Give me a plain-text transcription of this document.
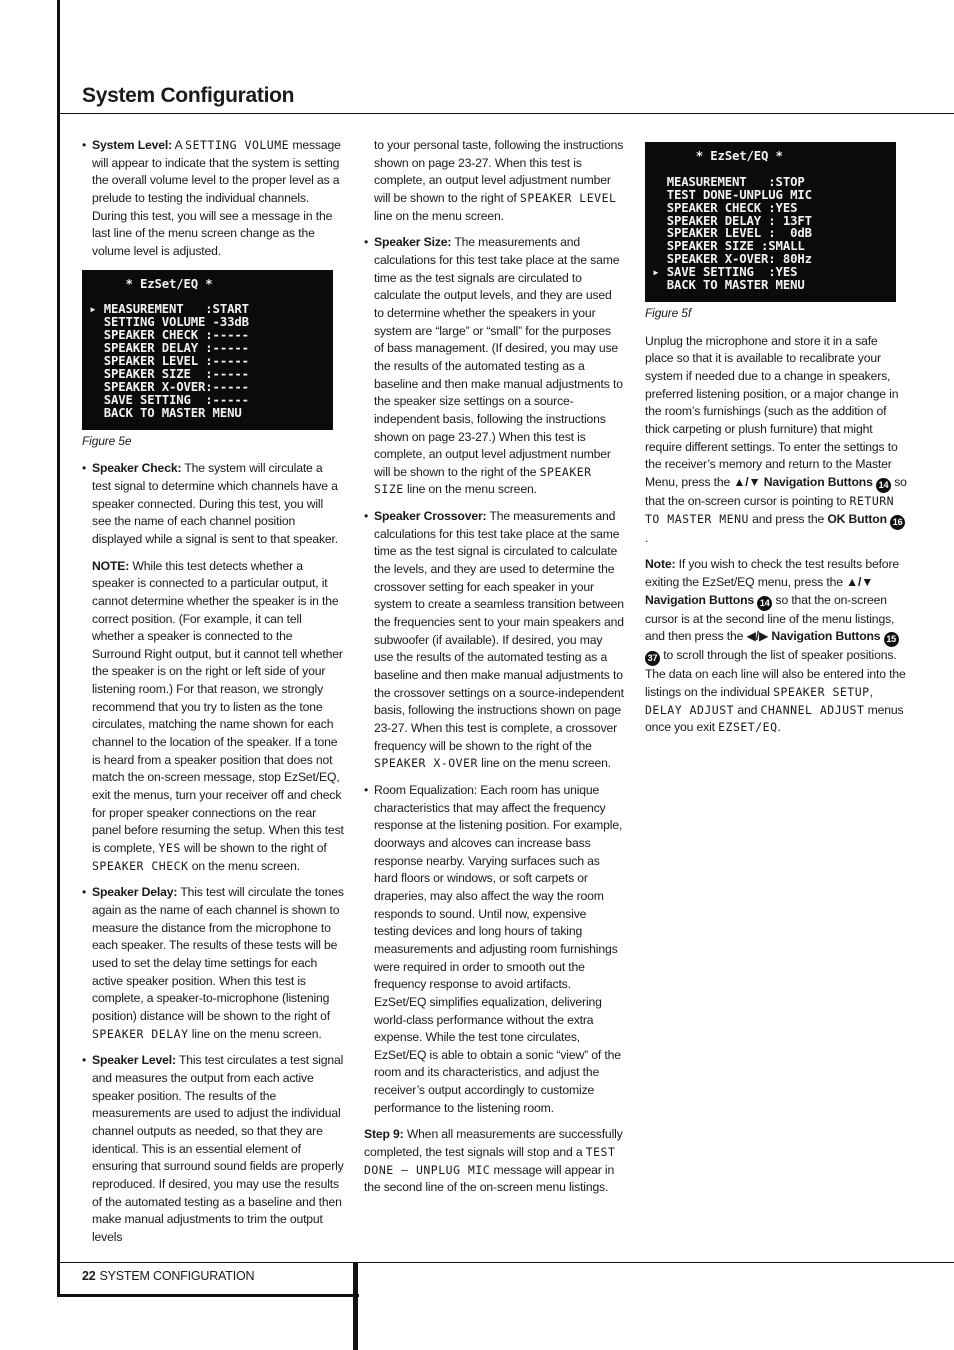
System Configuration

• System Level: A SETTING VOLUME message will appear to indicate that the system is setting the overall volume level to the proper level as a prelude to testing the individual channels. During this test, you will see a message in the last line of the menu screen change as the volume level is adjusted.

* EzSet/EQ *

▸ MEASUREMENT   :START
SETTING VOLUME -33dB
SPEAKER CHECK :-----
SPEAKER DELAY :-----
SPEAKER LEVEL :-----
SPEAKER SIZE  :-----
SPEAKER X-OVER:-----
SAVE SETTING  :-----
BACK TO MASTER MENU
Figure 5e

• Speaker Check: The system will circulate a test signal to determine which channels have a speaker connected. During this test, you will see the name of each channel position displayed while a signal is sent to that speaker.

NOTE: While this test detects whether a speaker is connected to a particular output, it cannot determine whether the speaker is in the correct position. (For example, it can tell whether a speaker is connected to the Surround Right output, but it cannot tell whether the speaker is on the right or left side of your listening room.) For that reason, we strongly recommend that you try to listen as the tone circulates, matching the name shown for each channel to the location of the speaker. If a tone is heard from a speaker position that does not match the on-screen message, stop EzSet/EQ, exit the menus, turn your receiver off and check for proper speaker connections on the rear panel before resuming the setup. When this test is complete, YES will be shown to the right of SPEAKER CHECK on the menu screen.

• Speaker Delay: This test will circulate the tones again as the name of each channel is shown to measure the distance from the microphone to each speaker. The results of these tests will be used to set the delay time settings for each active speaker position. When this test is complete, a speaker-to-microphone (listening position) distance will be shown to the right of SPEAKER DELAY line on the menu screen.

• Speaker Level: This test circulates a test signal and measures the output from each active speaker position. The results of the measurements are used to adjust the individual channel outputs as needed, so that they are identical. This is an essential element of ensuring that surround sound fields are properly reproduced. If desired, you may use the results of the automated testing as a baseline and then make manual adjustments to trim the output levels

to your personal taste, following the instructions shown on page 23-27. When this test is complete, an output level adjustment number will be shown to the right of SPEAKER LEVEL line on the menu screen.

• Speaker Size: The measurements and calculations for this test take place at the same time as the test signals are circulated to calculate the output levels, and they are used to determine whether the speakers in your system are “large” or “small” for the purposes of bass management. (If desired, you may use the results of the automated testing as a baseline and then make manual adjustments to the speaker size settings on a source-independent basis, following the instructions shown on page 23-27.) When this test is complete, an output level adjustment number will be shown to the right of the SPEAKER SIZE line on the menu screen.

• Speaker Crossover: The measurements and calculations for this test take place at the same time as the test signal is circulated to calculate the levels, and they are used to determine the crossover setting for each speaker in your system to create a seamless transition between the frequencies sent to your main speakers and subwoofer (if available). If desired, you may use the results of the automated testing as a baseline and then make manual adjustments to the crossover settings on a source-independent basis, following the instructions shown on page 23-27. When this test is complete, a crossover frequency will be shown to the right of the SPEAKER X-OVER line on the menu screen.

• Room Equalization: Each room has unique characteristics that may affect the frequency response at the listening position. For example, doorways and alcoves can increase bass response nearby. Varying surfaces such as hard floors or windows, or soft carpets or draperies, may also affect the way the room responds to sound. Until now, expensive testing devices and long hours of taking measurements and adjusting room furnishings were required in order to smooth out the frequency response to avoid artifacts. EzSet/EQ simplifies equalization, delivering world-class performance without the extra expense. While the test tone circulates, EzSet/EQ is able to obtain a sonic “view” of the room and its characteristics, and adjust the receiver’s output accordingly to customize performance to the listening room.

Step 9: When all measurements are successfully completed, the test signals will stop and a TEST DONE – UNPLUG MIC message will appear in the second line of the on-screen menu listings.

* EzSet/EQ *

MEASUREMENT   :STOP
TEST DONE-UNPLUG MIC
SPEAKER CHECK :YES
SPEAKER DELAY : 13FT
SPEAKER LEVEL :  0dB
SPEAKER SIZE :SMALL
SPEAKER X-OVER: 80Hz
▸ SAVE SETTING  :YES
BACK TO MASTER MENU
Figure 5f

Unplug the microphone and store it in a safe place so that it is available to recalibrate your system if needed due to a change in speakers, preferred listening position, or a major change in the room’s furnishings (such as the addition of thick carpeting or plush furniture) that might require different settings. To enter the settings to the receiver’s memory and return to the Master Menu, press the ▲/▼ Navigation Buttons 14 so that the on-screen cursor is pointing to RETURN TO MASTER MENU and press the OK Button 16.

Note: If you wish to check the test results before exiting the EzSet/EQ menu, press the ▲/▼ Navigation Buttons 14 so that the on-screen cursor is at the second line of the menu listings, and then press the ◀/▶ Navigation Buttons 1537 to scroll through the list of speaker positions. The data on each line will also be entered into the listings on the individual SPEAKER SETUP, DELAY ADJUST and CHANNEL ADJUST menus once you exit EZSET/EQ.

22 SYSTEM CONFIGURATION
